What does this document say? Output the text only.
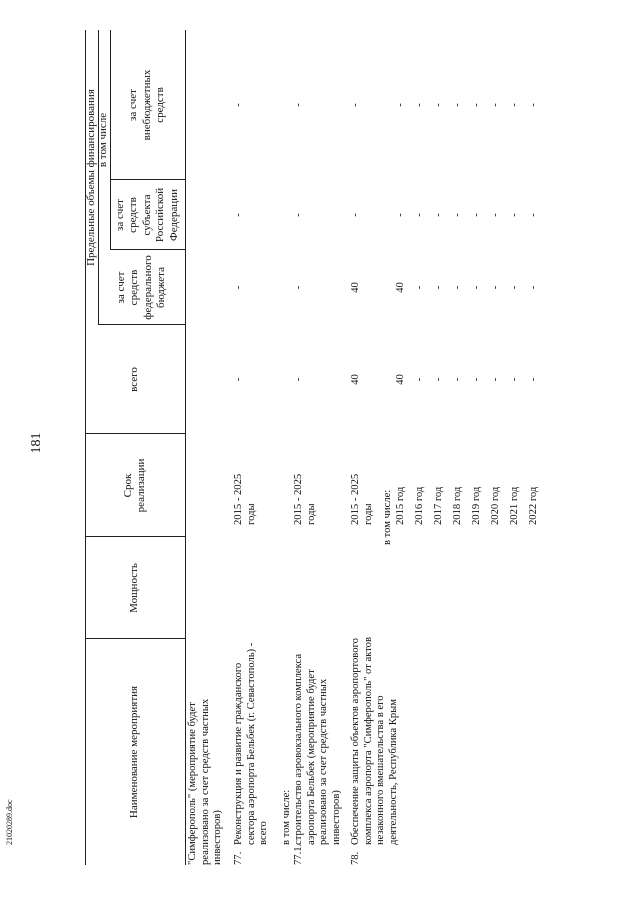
181
Наименование мероприятия
Мощность
Срок реализации
всего
Предельные объемы финансирования в том числе
за счет средств федерального бюджета
за счет средств субъекта Российской Федерации
за счет внебюджетных средств
"Симферополь" (мероприятие будет реализовано за счет средств частных инвесторов) 77.
Реконструкция и развитие гражданского сектора аэропорта Бельбек (г. Севастополь) - всего
2015 - 2025 годы
-
-
-
-
в том числе:
77.1.
строительство аэровокзального комплекса аэропорта Бельбек (мероприятие будет реализовано за счет средств частных инвесторов)
2015 - 2025 годы
-
-
-
-
78.
Обеспечение защиты объектов аэропортового комплекса аэропорта "Симферополь" от актов незаконного вмешательства в его деятельность, Республика Крым
2015 - 2025 годы
40
40
-
-
в том числе: 2015 год
40
40
-
-
2016 год
-
-
-
-
2017 год
-
-
-
-
2018 год
-
-
-
-
2019 год
-
-
-
-
2020 год
-
-
-
-
2021 год
-
-
-
-
2022 год
-
-
-
-
21020289.doc
